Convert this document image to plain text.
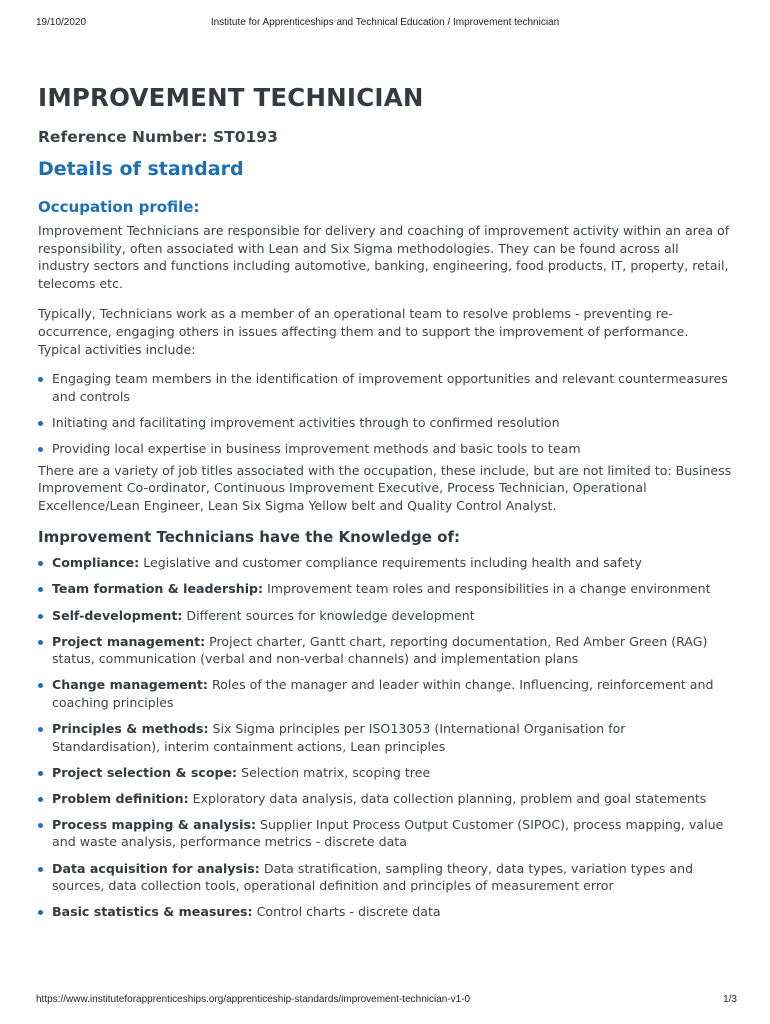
19/10/2020	Institute for Apprenticeships and Technical Education / Improvement technician
IMPROVEMENT TECHNICIAN
Reference Number: ST0193
Details of standard
Occupation profile:

Improvement Technicians are responsible for delivery and coaching of improvement activity within an area of responsibility, often associated with Lean and Six Sigma methodologies. They can be found across all industry sectors and functions including automotive, banking, engineering, food products, IT, property, retail, telecoms etc.

Typically, Technicians work as a member of an operational team to resolve problems - preventing re-occurrence, engaging others in issues affecting them and to support the improvement of performance. Typical activities include:

Engaging team members in the identification of improvement opportunities and relevant countermeasures and controls
Initiating and facilitating improvement activities through to confirmed resolution
Providing local expertise in business improvement methods and basic tools to team

There are a variety of job titles associated with the occupation, these include, but are not limited to: Business Improvement Co-ordinator, Continuous Improvement Executive, Process Technician, Operational Excellence/Lean Engineer, Lean Six Sigma Yellow belt and Quality Control Analyst.

Improvement Technicians have the Knowledge of:
Compliance: Legislative and customer compliance requirements including health and safety
Team formation & leadership: Improvement team roles and responsibilities in a change environment
Self-development: Different sources for knowledge development
Project management: Project charter, Gantt chart, reporting documentation, Red Amber Green (RAG) status, communication (verbal and non-verbal channels) and implementation plans
Change management: Roles of the manager and leader within change. Influencing, reinforcement and coaching principles
Principles & methods: Six Sigma principles per ISO13053 (International Organisation for Standardisation), interim containment actions, Lean principles
Project selection & scope: Selection matrix, scoping tree
Problem definition: Exploratory data analysis, data collection planning, problem and goal statements
Process mapping & analysis: Supplier Input Process Output Customer (SIPOC), process mapping, value and waste analysis, performance metrics - discrete data
Data acquisition for analysis: Data stratification, sampling theory, data types, variation types and sources, data collection tools, operational definition and principles of measurement error
Basic statistics & measures: Control charts - discrete data
https://www.instituteforapprenticeships.org/apprenticeship-standards/improvement-technician-v1-0	1/3
